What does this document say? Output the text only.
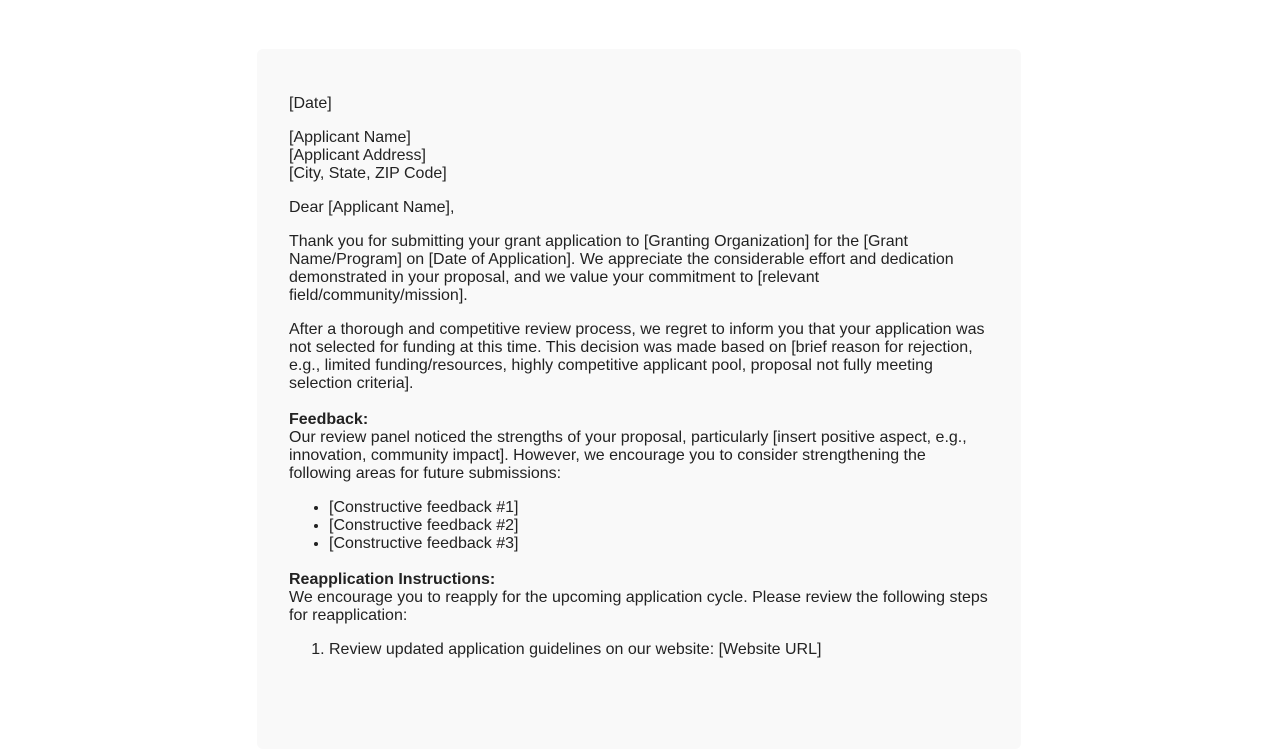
[Date]

[Applicant Name]
[Applicant Address]
[City, State, ZIP Code]

Dear [Applicant Name],

Thank you for submitting your grant application to [Granting Organization] for the [Grant Name/Program] on [Date of Application]. We appreciate the considerable effort and dedication demonstrated in your proposal, and we value your commitment to [relevant field/community/mission].

After a thorough and competitive review process, we regret to inform you that your application was not selected for funding at this time. This decision was made based on [brief reason for rejection, e.g., limited funding/resources, highly competitive applicant pool, proposal not fully meeting selection criteria].

Feedback:

Our review panel noticed the strengths of your proposal, particularly [insert positive aspect, e.g., innovation, community impact]. However, we encourage you to consider strengthening the following areas for future submissions:

• [Constructive feedback #1]
• [Constructive feedback #2]
• [Constructive feedback #3]
Reapplication Instructions:

We encourage you to reapply for the upcoming application cycle. Please review the following steps for reapplication:

1. Review updated application guidelines on our website: [Website URL]
